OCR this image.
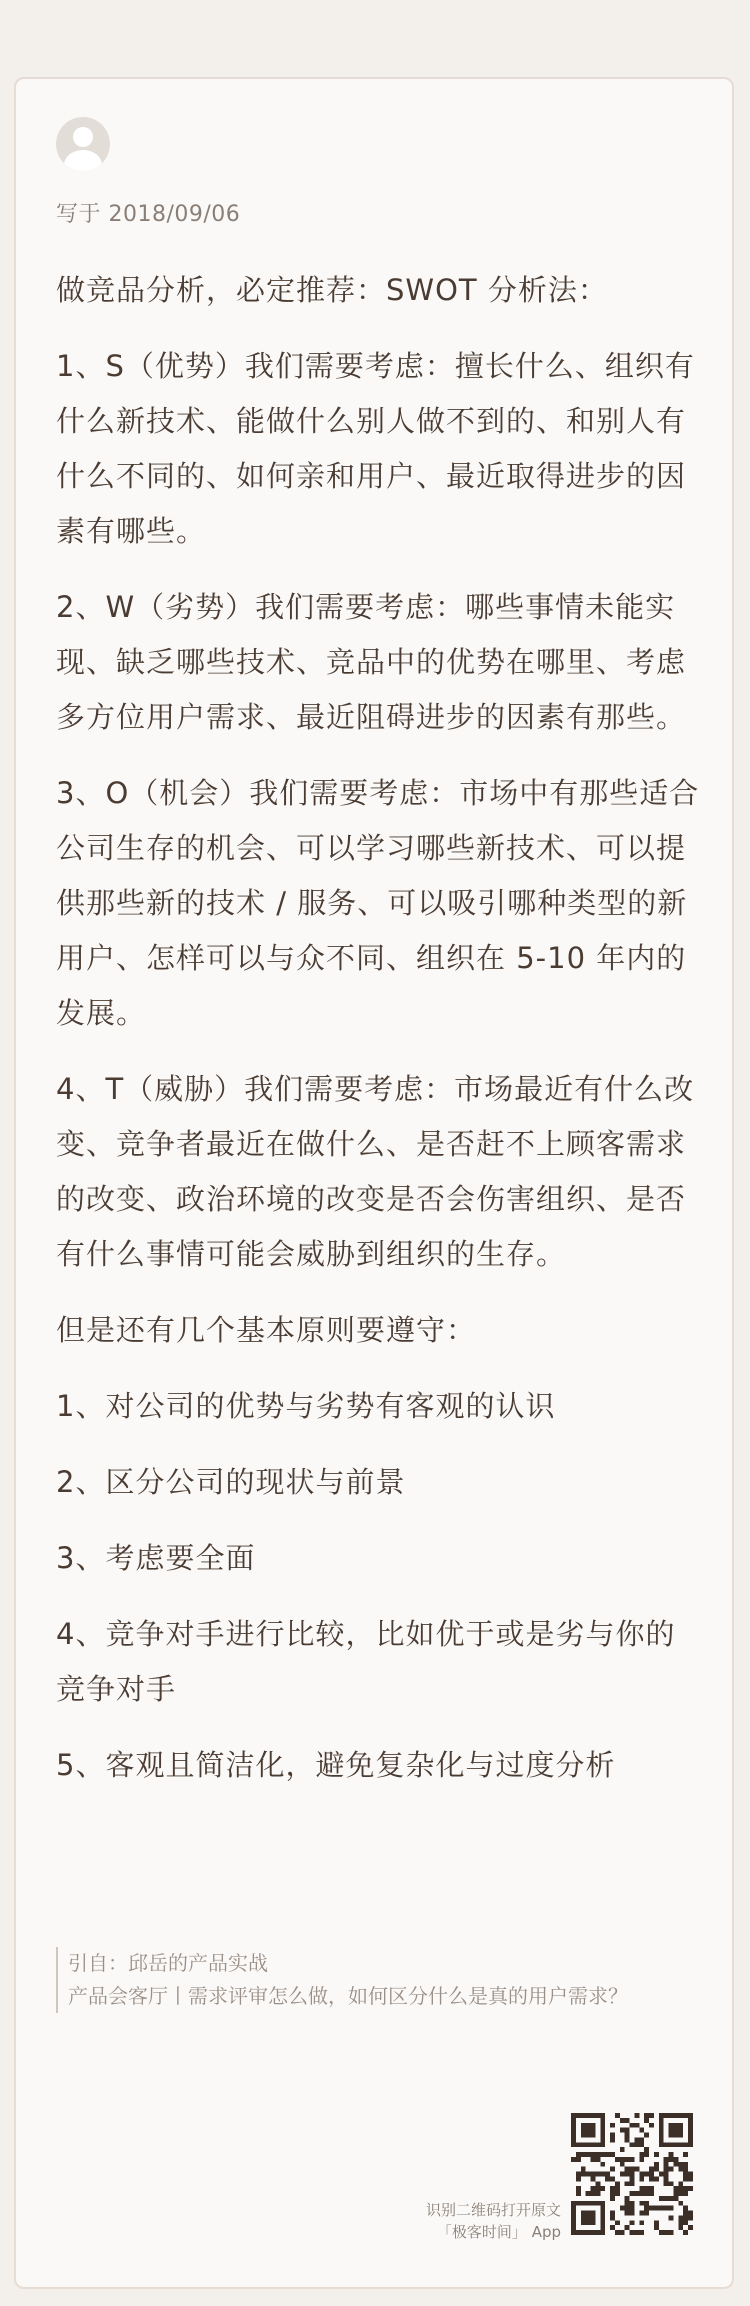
写于 2018/09/06

做竞品分析，必定推荐：SWOT 分析法：

1、S（优势）我们需要考虑：擅长什么、组织有什么新技术、能做什么别人做不到的、和别人有什么不同的、如何亲和用户、最近取得进步的因素有哪些。

2、W（劣势）我们需要考虑：哪些事情未能实现、缺乏哪些技术、竞品中的优势在哪里、考虑多方位用户需求、最近阻碍进步的因素有那些。

3、O（机会）我们需要考虑：市场中有那些适合公司生存的机会、可以学习哪些新技术、可以提供那些新的技术 / 服务、可以吸引哪种类型的新用户、怎样可以与众不同、组织在 5-10 年内的发展。

4、T（威胁）我们需要考虑：市场最近有什么改变、竞争者最近在做什么、是否赶不上顾客需求的改变、政治环境的改变是否会伤害组织、是否有什么事情可能会威胁到组织的生存。

但是还有几个基本原则要遵守：

1、对公司的优势与劣势有客观的认识

2、区分公司的现状与前景

3、考虑要全面

4、竞争对手进行比较，比如优于或是劣与你的竞争对手

5、客观且简洁化，避免复杂化与过度分析

引自：邱岳的产品实战
产品会客厅丨需求评审怎么做，如何区分什么是真的用户需求？
识别二维码打开原文
「极客时间」 App
